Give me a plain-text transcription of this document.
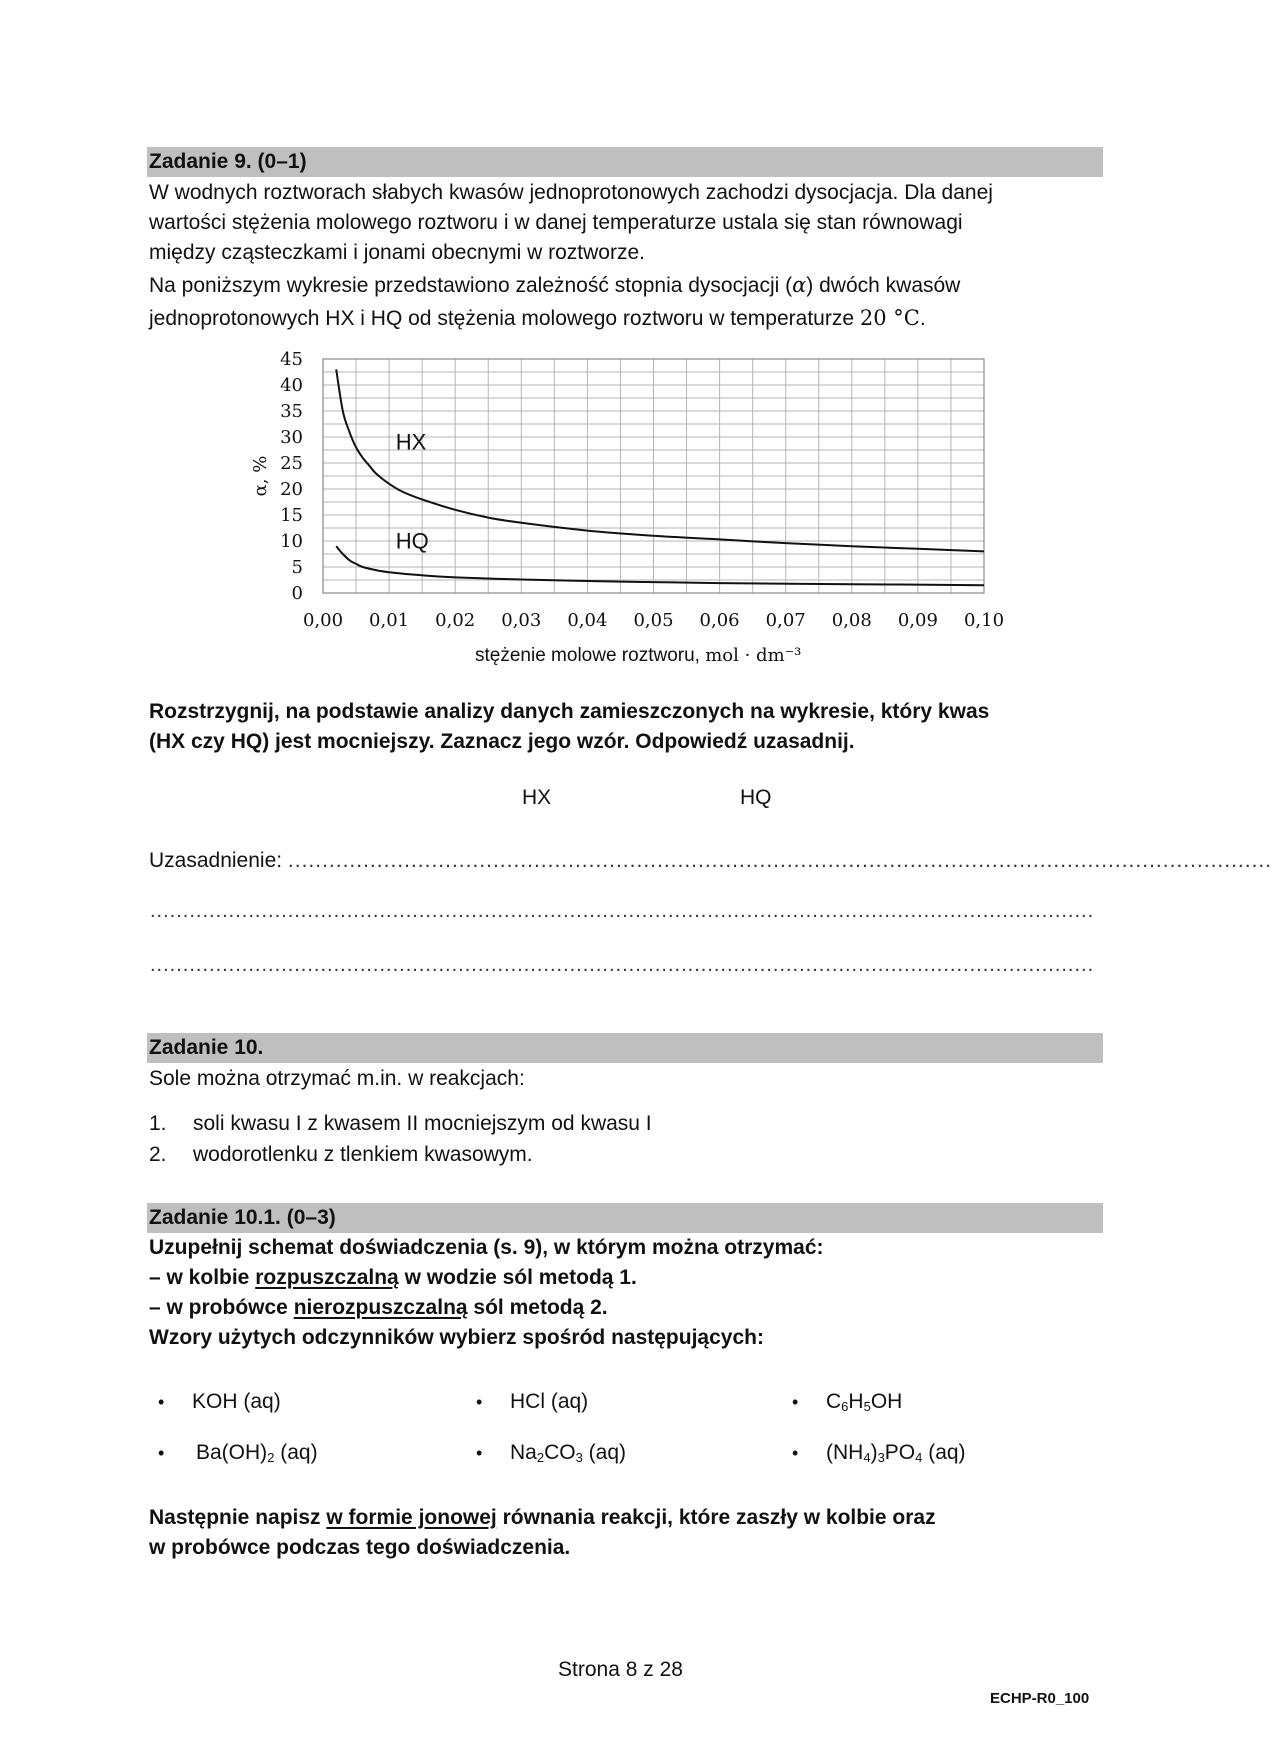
Zadanie 9. (0–1)
W wodnych roztworach słabych kwasów jednoprotonowych zachodzi dysocjacja. Dla danej
wartości stężenia molowego roztworu i w danej temperaturze ustala się stan równowagi
między cząsteczkami i jonami obecnymi w roztworze.
Na poniższym wykresie przedstawiono zależność stopnia dysocjacji (α) dwóch kwasów
jednoprotonowych HX i HQ od stężenia molowego roztworu w temperaturze 20 °C.
0,00 0,01 0,02 0,03 0,04 0,05 0,06 0,07 0,08 0,09 0,10
0
5
10
15
20
25
30
35
40
45
α, %
HX
HQ
stężenie molowe roztworu, mol · dm⁻³
Rozstrzygnij, na podstawie analizy danych zamieszczonych na wykresie, który kwas
(HX czy HQ) jest mocniejszy. Zaznacz jego wzór. Odpowiedź uzasadnij.
HX	HQ
Uzasadnienie: ................................................................................................................................................
................................................................................................................................................
................................................................................................................................................
Zadanie 10.
Sole można otrzymać m.in. w reakcjach:
1. soli kwasu I z kwasem II mocniejszym od kwasu I
2. wodorotlenku z tlenkiem kwasowym.
Zadanie 10.1. (0–3)
Uzupełnij schemat doświadczenia (s. 9), w którym można otrzymać:
– w kolbie rozpuszczalną w wodzie sól metodą 1.
– w probówce nierozpuszczalną sól metodą 2.
Wzory użytych odczynników wybierz spośród następujących:
• KOH (aq)	• HCl (aq)	• $C_6H_5OH$
• $Ba(OH)_2$ (aq)	• $Na_2CO_3$ (aq)	• $(NH_4)_3PO_4$ (aq)
Następnie napisz w formie jonowej równania reakcji, które zaszły w kolbie oraz
w probówce podczas tego doświadczenia.
Strona 8 z 28
ECHP-R0_100
